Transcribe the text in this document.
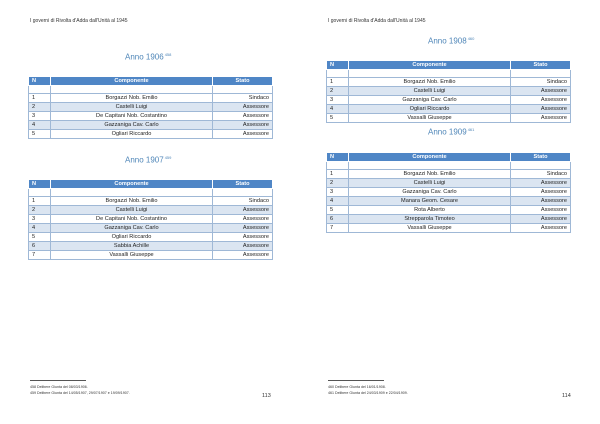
I governi di Rivolta d'Adda dall'Unità al 1945
Anno 1906$^{458}$
N	Componente	Stato

1	Borgazzi Nob. Emilio	Sindaco
2	Castelli Luigi	Assessore
3	De Capitani Nob. Costantino	Assessore
4	Gazzaniga Cav. Carlo	Assessore
5	Ogliari Riccardo	Assessore
Anno 1907$^{459}$
N	Componente	Stato

1	Borgazzi Nob. Emilio	Sindaco
2	Castelli Luigi	Assessore
3	De Capitani Nob. Costantino	Assessore
4	Gazzaniga Cav. Carlo	Assessore
5	Ogliari Riccardo	Assessore
6	Sabbia Achille	Assessore
7	Vassalli Giuseppe	Assessore
458 Delibere Giunta del 08/03/1906.
459 Delibere Giunta del 14/05/1907, 29/07/1907 e 19/09/1907.	113
I governi di Rivolta d'Adda dall'Unità al 1945
Anno 1908$^{460}$
N	Componente	Stato

1	Borgazzi Nob. Emilio	Sindaco
2	Castelli Luigi	Assessore
3	Gazzaniga Cav. Carlo	Assessore
4	Ogliari Riccardo	Assessore
5	Vassalli Giuseppe	Assessore
Anno 1909$^{461}$
N	Componente	Stato

1	Borgazzi Nob. Emilio	Sindaco
2	Castelli Luigi	Assessore
3	Gazzaniga Cav. Carlo	Assessore
4	Manara Geom. Cesare	Assessore
5	Rota Alberto	Assessore
6	Strepparola Timoteo	Assessore
7	Vassalli Giuseppe	Assessore
460 Delibere Giunta del 16/01/1908.
461 Delibere Giunta del 24/03/1909 e 22/04/1909.	114
